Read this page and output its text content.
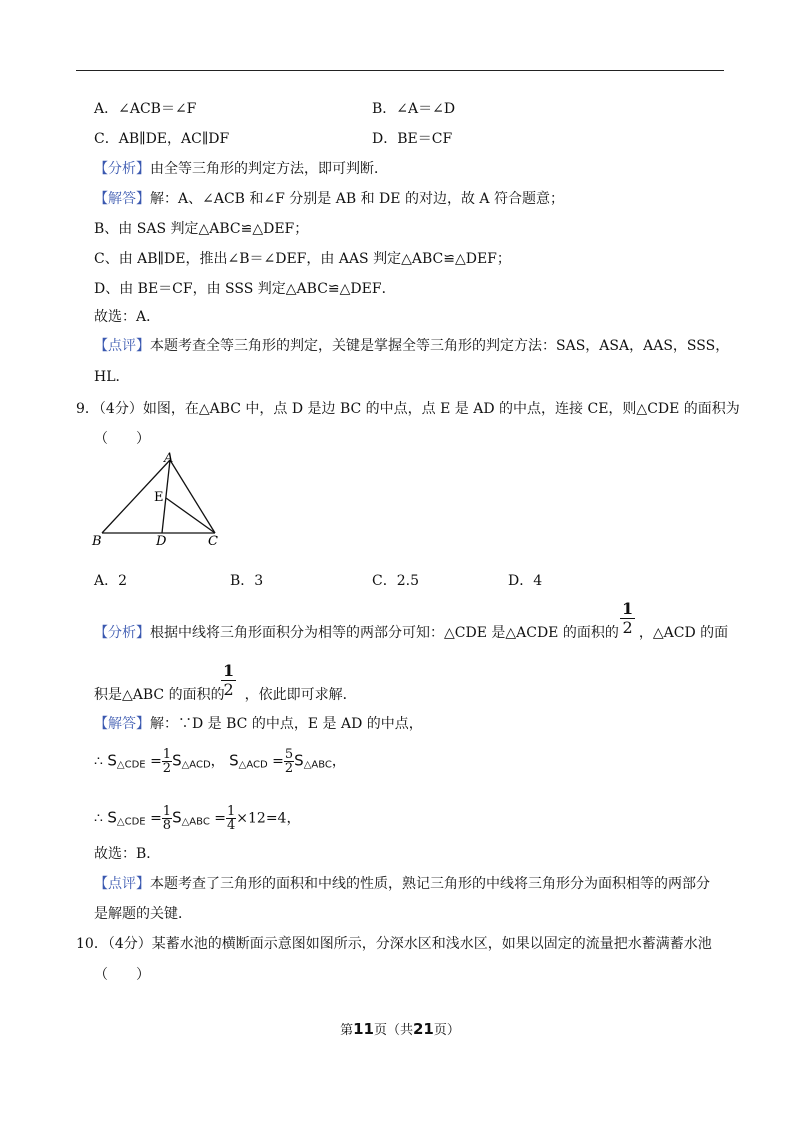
A．∠ACB＝∠F	B．∠A＝∠D
C．AB∥DE，AC∥DF	D．BE＝CF
【分析】由全等三角形的判定方法，即可判断．
【解答】解：A、∠ACB 和∠F 分别是 AB 和 DE 的对边，故 A 符合题意；
B、由 SAS 判定△ABC≌△DEF；
C、由 AB∥DE，推出∠B＝∠DEF，由 AAS 判定△ABC≌△DEF；
D、由 BE＝CF，由 SSS 判定△ABC≌△DEF．
故选：A．
【点评】本题考查全等三角形的判定，关键是掌握全等三角形的判定方法：SAS，ASA，AAS，SSS，
HL．
9．（4分）如图，在△ABC 中，点 D 是边 BC 的中点，点 E 是 AD 的中点，连接 CE，则△CDE 的面积为
（　　）
A
B	C
D
E
A．2	B．3	C．2.5	D．4
【分析】根据中线将三角形面积分为相等的两部分可知：△CDE 是△ACDE 的面积的 ，△ACD 的面
1
2
积是△ABC 的面积的 ，依此即可求解．
1
2
【解答】解：∵D 是 BC 的中点，E 是 AD 的中点，
∴ $S_{\triangle CDE} = \frac{1}{2} S_{\triangle ACD}$， $S_{\triangle ACD} = \frac{5}{2} S_{\triangle ABC}$，
∴ $S_{\triangle CDE} = \frac{1}{8} S_{\triangle ABC} = \frac{1}{4} \times 12=4$，
故选：B．
【点评】本题考查了三角形的面积和中线的性质，熟记三角形的中线将三角形分为面积相等的两部分
是解题的关键．
10．（4分）某蓄水池的横断面示意图如图所示，分深水区和浅水区，如果以固定的流量把水蓄满蓄水池
（　　）
第11页（共21页）
